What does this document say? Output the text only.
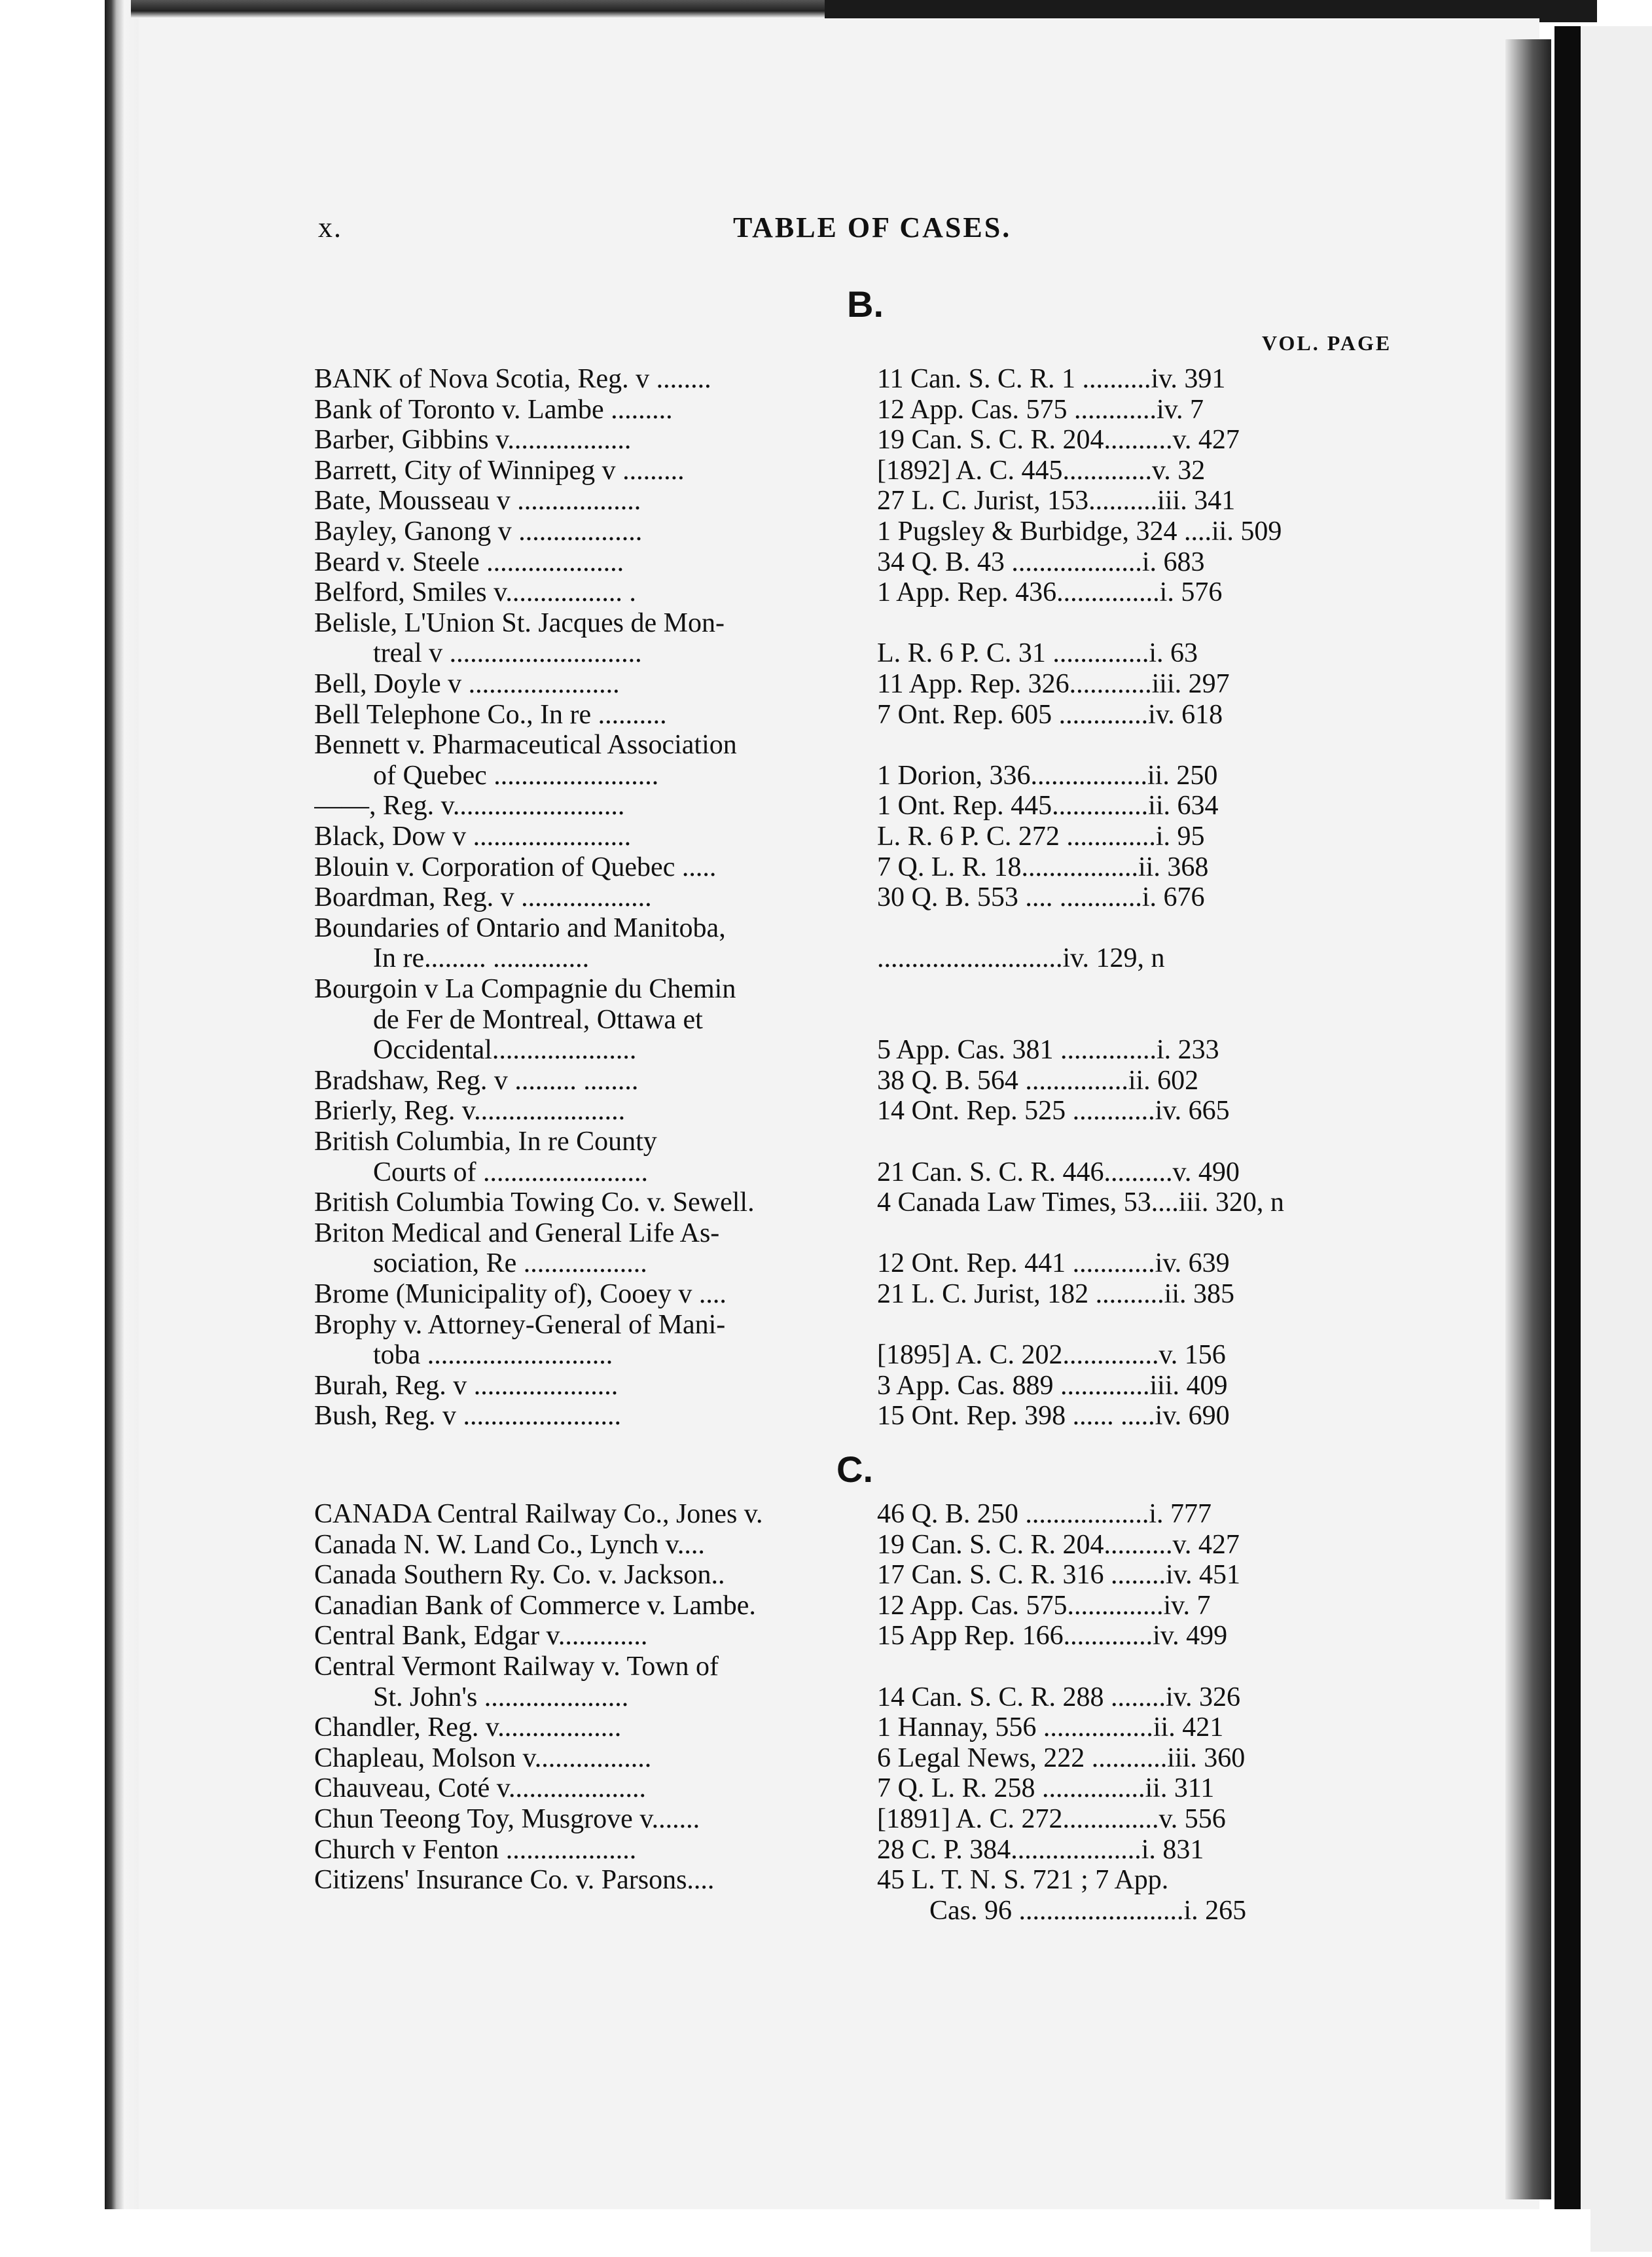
x.	TABLE OF CASES.
B.
VOL. PAGE
BANK of Nova Scotia, Reg. v ........	11 Can. S. C. R. 1 ..........iv. 391
Bank of Toronto v. Lambe .........	12 App. Cas. 575 ............iv. 7
Barber, Gibbins v..................	19 Can. S. C. R. 204..........v. 427
Barrett, City of Winnipeg v .........	[1892] A. C. 445.............v. 32
Bate, Mousseau v ..................	27 L. C. Jurist, 153..........iii. 341
Bayley, Ganong v ..................	1 Pugsley & Burbidge, 324 ....ii. 509
Beard v. Steele ....................	34 Q. B. 43 ...................i. 683
Belford, Smiles v................. .	1 App. Rep. 436...............i. 576
Belisle, L'Union St. Jacques de Mon-
treal v ............................	L. R. 6 P. C. 31 ..............i. 63
Bell, Doyle v ......................	11 App. Rep. 326............iii. 297
Bell Telephone Co., In re ..........	7 Ont. Rep. 605 .............iv. 618
Bennett v. Pharmaceutical Association
of Quebec ........................	1 Dorion, 336.................ii. 250
——, Reg. v.........................	1 Ont. Rep. 445..............ii. 634
Black, Dow v .......................	L. R. 6 P. C. 272 .............i. 95
Blouin v. Corporation of Quebec .....	7 Q. L. R. 18.................ii. 368
Boardman, Reg. v ...................	30 Q. B. 553 .... ............i. 676
Boundaries of Ontario and Manitoba,
In re......... ..............	...........................iv. 129, n
Bourgoin v La Compagnie du Chemin
de Fer de Montreal, Ottawa et
Occidental.....................	5 App. Cas. 381 ..............i. 233
Bradshaw, Reg. v ......... ........	38 Q. B. 564 ...............ii. 602
Brierly, Reg. v......................	14 Ont. Rep. 525 ............iv. 665
British Columbia, In re County
Courts of ........................	21 Can. S. C. R. 446..........v. 490
British Columbia Towing Co. v. Sewell.	4 Canada Law Times, 53....iii. 320, n
Briton Medical and General Life As-
sociation, Re ..................	12 Ont. Rep. 441 ............iv. 639
Brome (Municipality of), Cooey v ....	21 L. C. Jurist, 182 ..........ii. 385
Brophy v. Attorney-General of Mani-
toba ...........................	[1895] A. C. 202..............v. 156
Burah, Reg. v .....................	3 App. Cas. 889 .............iii. 409
Bush, Reg. v .......................	15 Ont. Rep. 398 ...... .....iv. 690
C.
CANADA Central Railway Co., Jones v.	46 Q. B. 250 ..................i. 777
Canada N. W. Land Co., Lynch v....	19 Can. S. C. R. 204..........v. 427
Canada Southern Ry. Co. v. Jackson..	17 Can. S. C. R. 316 ........iv. 451
Canadian Bank of Commerce v. Lambe.	12 App. Cas. 575..............iv. 7
Central Bank, Edgar v.............	15 App Rep. 166.............iv. 499
Central Vermont Railway v. Town of
St. John's .....................	14 Can. S. C. R. 288 ........iv. 326
Chandler, Reg. v..................	1 Hannay, 556 ................ii. 421
Chapleau, Molson v.................	6 Legal News, 222 ...........iii. 360
Chauveau, Coté v....................	7 Q. L. R. 258 ...............ii. 311
Chun Teeong Toy, Musgrove v.......	[1891] A. C. 272..............v. 556
Church v Fenton ...................	28 C. P. 384...................i. 831
Citizens' Insurance Co. v. Parsons....	45 L. T. N. S. 721 ; 7 App.
Cas. 96 ........................i. 265
